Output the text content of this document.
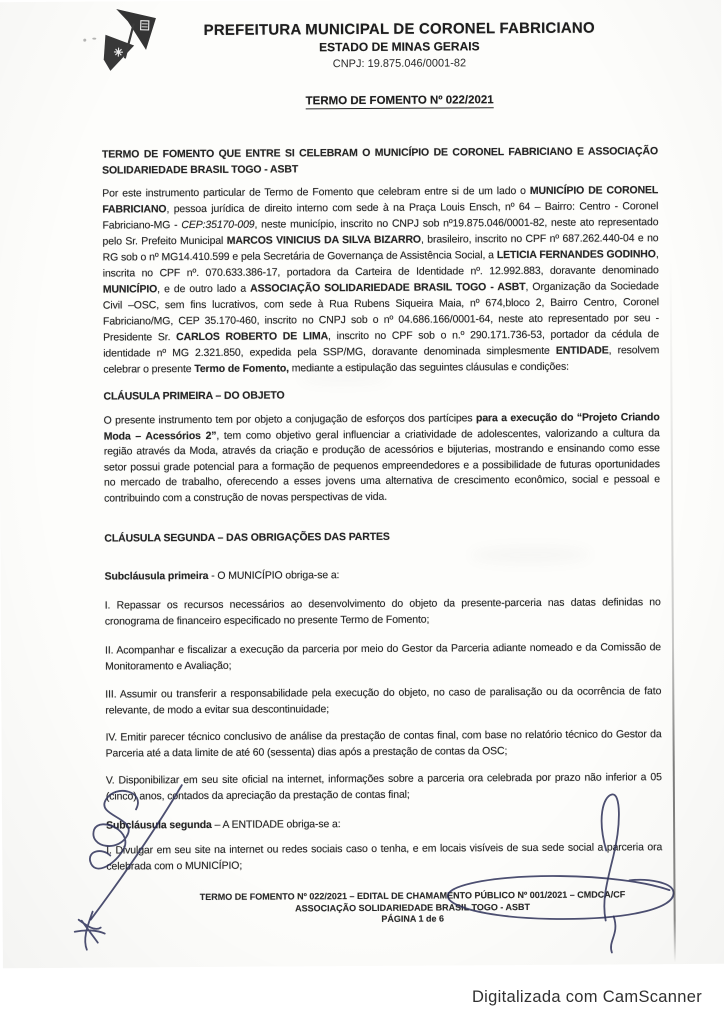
PREFEITURA MUNICIPAL DE CORONEL FABRICIANO
ESTADO DE MINAS GERAIS
CNPJ: 19.875.046/0001-82
TERMO DE FOMENTO Nº 022/2021
TERMO DE FOMENTO QUE ENTRE SI CELEBRAM O MUNICÍPIO DE CORONEL FABRICIANO E ASSOCIAÇÃO SOLIDARIEDADE BRASIL TOGO - ASBT

Por este instrumento particular de Termo de Fomento que celebram entre si de um lado o MUNICÍPIO DE CORONEL FABRICIANO, pessoa jurídica de direito interno com sede à na Praça Louis Ensch, nº 64 – Bairro: Centro - Coronel Fabriciano-MG - CEP:35170-009, neste município, inscrito no CNPJ sob nº19.875.046/0001-82, neste ato representado pelo Sr. Prefeito Municipal MARCOS VINICIUS DA SILVA BIZARRO, brasileiro, inscrito no CPF nº 687.262.440-04 e no RG sob o nº MG14.410.599 e pela Secretária de Governança de Assistência Social, a LETICIA FERNANDES GODINHO, inscrita no CPF nº. 070.633.386-17, portadora da Carteira de Identidade nº. 12.992.883, doravante denominado MUNICÍPIO, e de outro lado a ASSOCIAÇÃO SOLIDARIEDADE BRASIL TOGO - ASBT, Organização da Sociedade Civil –OSC, sem fins lucrativos, com sede à Rua Rubens Siqueira Maia, nº 674,bloco 2, Bairro Centro, Coronel Fabriciano/MG, CEP 35.170-460, inscrito no CNPJ sob o nº 04.686.166/0001-64, neste ato representado por seu - Presidente Sr. CARLOS ROBERTO DE LIMA, inscrito no CPF sob o n.º 290.171.736-53, portador da cédula de identidade nº MG 2.321.850, expedida pela SSP/MG, doravante denominada simplesmente ENTIDADE, resolvem celebrar o presente Termo de Fomento, mediante a estipulação das seguintes cláusulas e condições:

CLÁUSULA PRIMEIRA – DO OBJETO

O presente instrumento tem por objeto a conjugação de esforços dos partícipes para a execução do “Projeto Criando Moda – Acessórios 2”, tem como objetivo geral influenciar a criatividade de adolescentes, valorizando a cultura da região através da Moda, através da criação e produção de acessórios e bijuterias, mostrando e ensinando como esse setor possui grade potencial para a formação de pequenos empreendedores e a possibilidade de futuras oportunidades no mercado de trabalho, oferecendo a esses jovens uma alternativa de crescimento econômico, social e pessoal e contribuindo com a construção de novas perspectivas de vida.

CLÁUSULA SEGUNDA – DAS OBRIGAÇÕES DAS PARTES

Subcláusula primeira - O MUNICÍPIO obriga-se a:

I. Repassar os recursos necessários ao desenvolvimento do objeto da presente-parceria nas datas definidas no cronograma de financeiro especificado no presente Termo de Fomento;
II. Acompanhar e fiscalizar a execução da parceria por meio do Gestor da Parceria adiante nomeado e da Comissão de Monitoramento e Avaliação;
III. Assumir ou transferir a responsabilidade pela execução do objeto, no caso de paralisação ou da ocorrência de fato relevante, de modo a evitar sua descontinuidade;
IV. Emitir parecer técnico conclusivo de análise da prestação de contas final, com base no relatório técnico do Gestor da Parceria até a data limite de até 60 (sessenta) dias após a prestação de contas da OSC;
V. Disponibilizar em seu site oficial na internet, informações sobre a parceria ora celebrada por prazo não inferior a 05 (cinco) anos, contados da apreciação da prestação de contas final;

Subcláusula segunda – A ENTIDADE obriga-se a:

I. Divulgar em seu site na internet ou redes sociais caso o tenha, e em locais visíveis de sua sede social a parceria ora celebrada com o MUNICÍPIO;
TERMO DE FOMENTO Nº 022/2021 – EDITAL DE CHAMAMENTO PÚBLICO Nº 001/2021 – CMDCA/CF
ASSOCIAÇÃO SOLIDARIEDADE BRASIL TOGO - ASBT
PÁGINA 1 de 6
Digitalizada com CamScanner
